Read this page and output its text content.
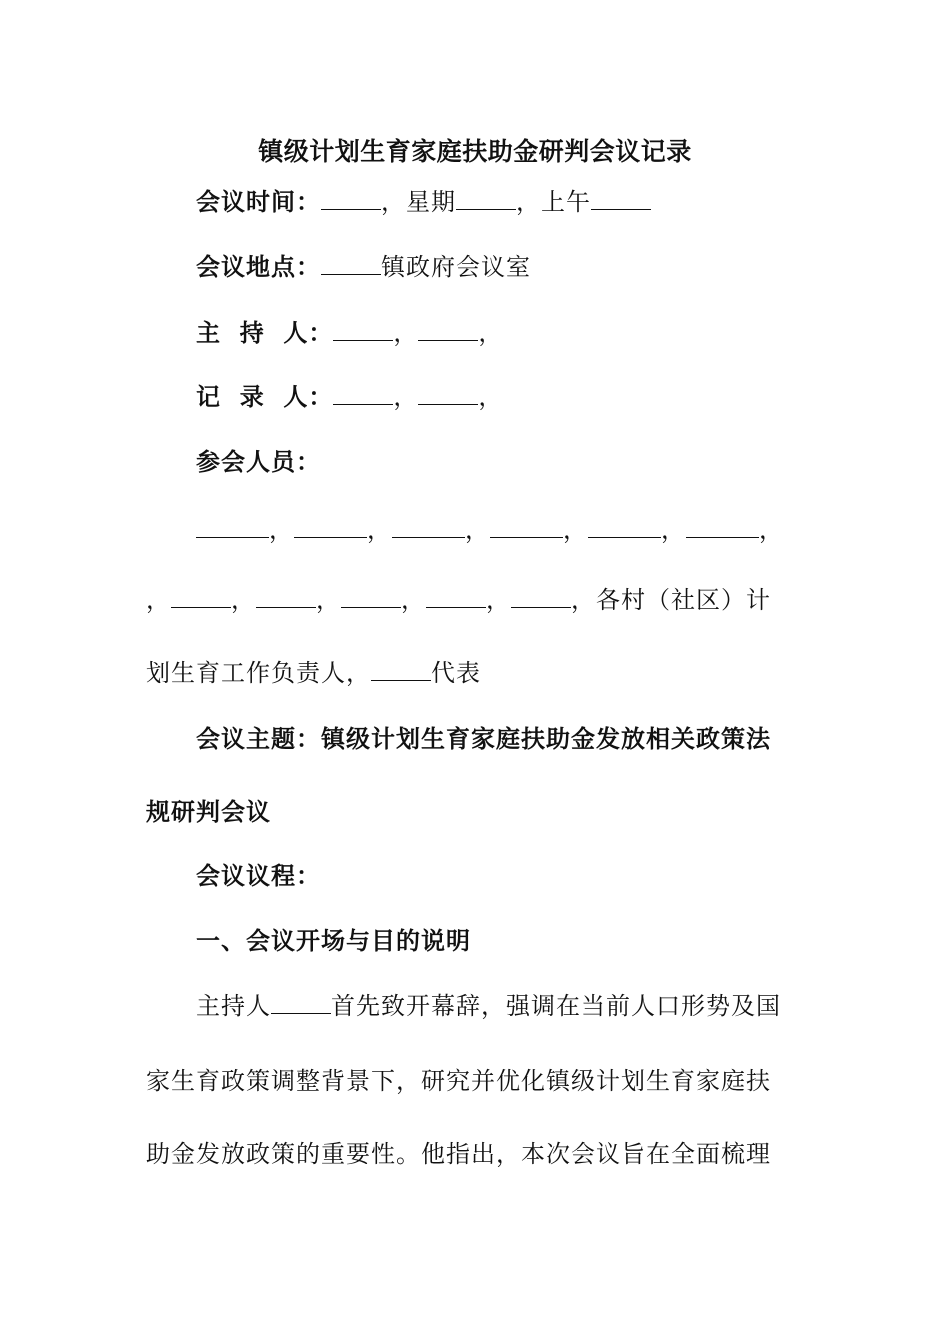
镇级计划生育家庭扶助金研判会议记录
会议时间：	，星期	，上午
会议地点：	镇政府会议室
主  持  人：	，	，
记  录  人：	，	，
参会人员：
，	，	，	，	，	，
，	，	，	，	，	，各村（社区）计
划生育工作负责人，	代表
会议主题：镇级计划生育家庭扶助金发放相关政策法
规研判会议
会议议程：
一、会议开场与目的说明
主持人	首先致开幕辞，强调在当前人口形势及国
家生育政策调整背景下，研究并优化镇级计划生育家庭扶
助金发放政策的重要性。他指出，本次会议旨在全面梳理
